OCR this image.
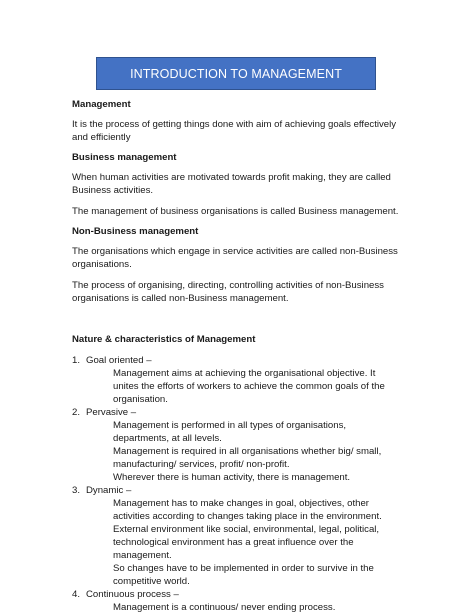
INTRODUCTION TO MANAGEMENT

Management

It is the process of getting things done with aim of achieving goals effectively and efficiently

Business management

When human activities are motivated towards profit making, they are called Business activities.

The management of business organisations is called Business management.

Non-Business management

The organisations which engage in service activities are called non-Business organisations.

The process of organising, directing, controlling activities of non-Business organisations is called non-Business management.

Nature & characteristics of Management

1. Goal oriented –

Management aims at achieving the organisational objective. It unites the efforts of workers to achieve the common goals of the organisation.

2. Pervasive –

Management is performed in all types of organisations, departments, at all levels.

Management is required in all organisations whether big/ small, manufacturing/ services, profit/ non-profit.

Wherever there is human activity, there is management.

3. Dynamic –

Management has to make changes in goal, objectives, other activities according to changes taking place in the environment.

External environment like social, environmental, legal, political, technological environment has a great influence over the management.

So changes have to be implemented in order to survive in the competitive world.

4. Continuous process –

Management is a continuous/ never ending process.
